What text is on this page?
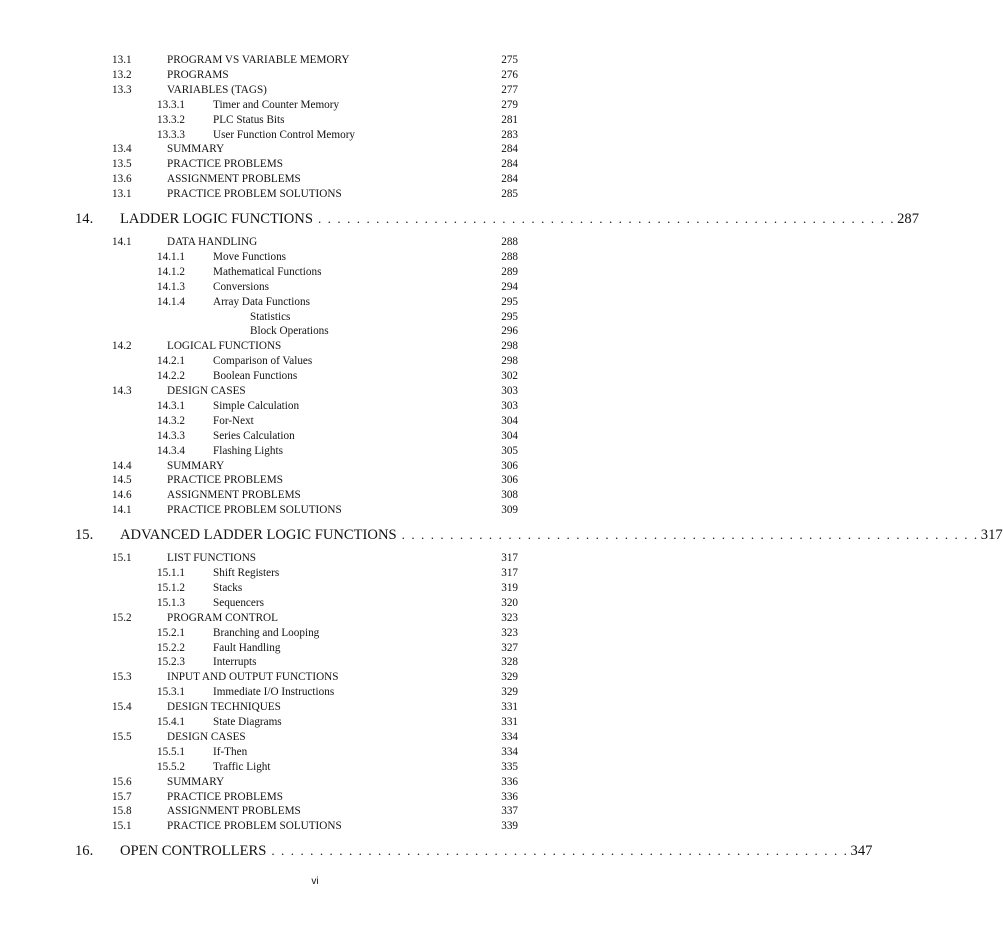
13.1	PROGRAM VS VARIABLE MEMORY	275
13.2	PROGRAMS	276
13.3	VARIABLES (TAGS)	277
13.3.1	Timer and Counter Memory	279
13.3.2	PLC Status Bits	281
13.3.3	User Function Control Memory	283
13.4	SUMMARY	284
13.5	PRACTICE PROBLEMS	284
13.6	ASSIGNMENT PROBLEMS	284
13.1	PRACTICE PROBLEM SOLUTIONS	285
14. LADDER LOGIC FUNCTIONS . . . . . . . . . . . . . . . . . . . . . . . . . . . . . . . . . . . . . . . . . . . . . . . . . . . . . . . . . . . . 287
14.1	DATA HANDLING	288
14.1.1	Move Functions	288
14.1.2	Mathematical Functions	289
14.1.3	Conversions	294
14.1.4	Array Data Functions	295
Statistics	295
Block Operations	296
14.2	LOGICAL FUNCTIONS	298
14.2.1	Comparison of Values	298
14.2.2	Boolean Functions	302
14.3	DESIGN CASES	303
14.3.1	Simple Calculation	303
14.3.2	For-Next	304
14.3.3	Series Calculation	304
14.3.4	Flashing Lights	305
14.4	SUMMARY	306
14.5	PRACTICE PROBLEMS	306
14.6	ASSIGNMENT PROBLEMS	308
14.1	PRACTICE PROBLEM SOLUTIONS	309
15. ADVANCED LADDER LOGIC FUNCTIONS . . . . . . . . . . . . . . . . . . . . . . . . . . . . . . . . . . . . . . . . . . . . . . . . . . . . . . . . . . . . 317
15.1	LIST FUNCTIONS	317
15.1.1	Shift Registers	317
15.1.2	Stacks	319
15.1.3	Sequencers	320
15.2	PROGRAM CONTROL	323
15.2.1	Branching and Looping	323
15.2.2	Fault Handling	327
15.2.3	Interrupts	328
15.3	INPUT AND OUTPUT FUNCTIONS	329
15.3.1	Immediate I/O Instructions	329
15.4	DESIGN TECHNIQUES	331
15.4.1	State Diagrams	331
15.5	DESIGN CASES	334
15.5.1	If-Then	334
15.5.2	Traffic Light	335
15.6	SUMMARY	336
15.7	PRACTICE PROBLEMS	336
15.8	ASSIGNMENT PROBLEMS	337
15.1	PRACTICE PROBLEM SOLUTIONS	339
16. OPEN CONTROLLERS . . . . . . . . . . . . . . . . . . . . . . . . . . . . . . . . . . . . . . . . . . . . . . . . . . . . . . . . . . . . 347
vi
